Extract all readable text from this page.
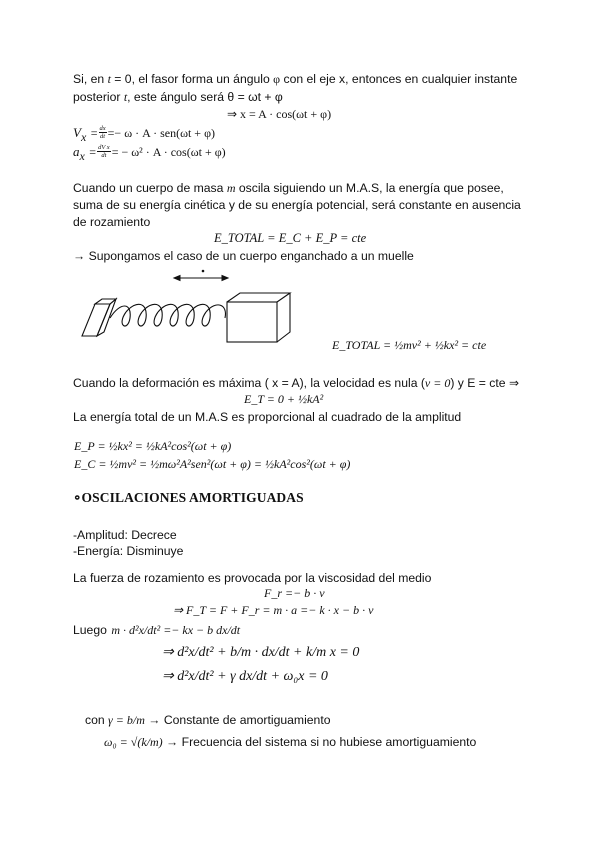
Si, en t = 0, el fasor forma un ángulo φ con el eje x, entonces en cualquier instante
posterior t, este ángulo será θ = ωt + φ
⇒ x = A · cos(ωt + φ)
$V_x = \frac{dx}{dt} =- \omega \cdot A \cdot sen(\omega t + \varphi)$
$a_x = \frac{\text{dV x}}{dt}$ = − ω² · A · cos(ωt + φ)
Cuando un cuerpo de masa m oscila siguiendo un M.A.S, la energía que posee,
suma de su energía cinética y de su energía potencial, será constante en ausencia
de rozamiento
E_TOTAL = E_C + E_P = cte
→ Supongamos el caso de un cuerpo enganchado a un muelle
E_TOTAL = ½mv² + ½kx² = cte
Cuando la deformación es máxima ( x = A), la velocidad es nula (v = 0) y E = cte ⇒
E_T = 0 + ½kA²
La energía total de un M.A.S es proporcional al cuadrado de la amplitud
E_P = ½kx² = ½kA²cos²(ωt + φ)
E_C = ½mv² = ½mω²A²sen²(ωt + φ) = ½kA²cos²(ωt + φ)
∘OSCILACIONES AMORTIGUADAS
-Amplitud: Decrece
-Energía: Disminuye
La fuerza de rozamiento es provocada por la viscosidad del medio
F_r =− b · v
⇒ F_T = F + F_r = m · a =− k · x − b · v
Luego m · d²x/dt² =− kx − b dx/dt
⇒ d²x/dt² + b/m · dx/dt + k/m x = 0
⇒ d²x/dt² + γ dx/dt + ω₀x = 0
con γ = b/m → Constante de amortiguamiento
ω₀ = √(k/m) → Frecuencia del sistema si no hubiese amortiguamiento
